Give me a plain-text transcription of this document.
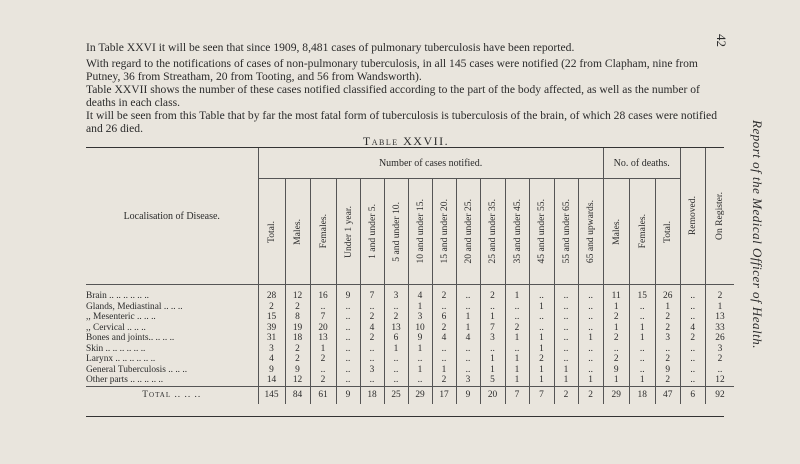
42
Report of the Medical Officer of Health.

In Table XXVI it will be seen that since 1909, 8,481 cases of pulmonary tuberculosis have been reported.

With regard to the notifications of cases of non-pulmonary tuberculosis, in all 145 cases were notified (22 from Clapham, nine from Putney, 36 from Streatham, 20 from Tooting, and 56 from Wandsworth).

Table XXVII shows the number of these cases notified classified according to the part of the body affected, as well as the number of deaths in each class.

It will be seen from this Table that by far the most fatal form of tuberculosis is tuberculosis of the brain, of which 28 cases were notified and 26 died.

Table XXVII.
Localisation of Disease.	Number of cases notified.														No. of deaths.			Removed.	On Register.

	Total.	Males.	Females.	Under 1 year.	1 and under 5.	5 and under 10.	10 and under 15.	15 and under 20.	20 and under 25.	25 and under 35.	35 and under 45.	45 and under 55.	55 and under 65.	65 and upwards.	Males.	Females.	Total.		

Brain .. .. .. .. .. ..	28	12	16	9	7	3	4	2	..	2	1	..	..	..	11	15	26	..	2
Glands, Mediastinal .. .. ..	2	2	..	..	..	..	1	..	..	..	..	1	..	..	1	..	1	..	1
,, Mesenteric .. .. ..	15	8	7	..	2	2	3	6	1	1	..	..	..	..	2	..	2	..	13
,, Cervical .. .. ..	39	19	20	..	4	13	10	2	1	7	2	..	..	..	1	1	2	4	33
Bones and joints.. .. .. ..	31	18	13	..	2	6	9	4	4	3	1	1	..	1	2	1	3	2	26
Skin .. .. .. .. .. ..	3	2	1	..	..	1	1	..	..	..	..	1	..	..	..	..	..	..	3
Larynx .. .. .. .. .. ..	4	2	2	..	..	..	..	..	..	1	1	2	..	..	2	..	2	..	2
General Tuberculosis .. .. ..	9	9	..	..	3	..	1	1	..	1	1	1	1	..	9	..	9	..	..
Other parts .. .. .. .. ..	14	12	2	..	..	..	..	2	3	5	1	1	1	1	1	1	2	..	12
Total .. .. ..	145	84	61	9	18	25	29	17	9	20	7	7	2	2	29	18	47	6	92
